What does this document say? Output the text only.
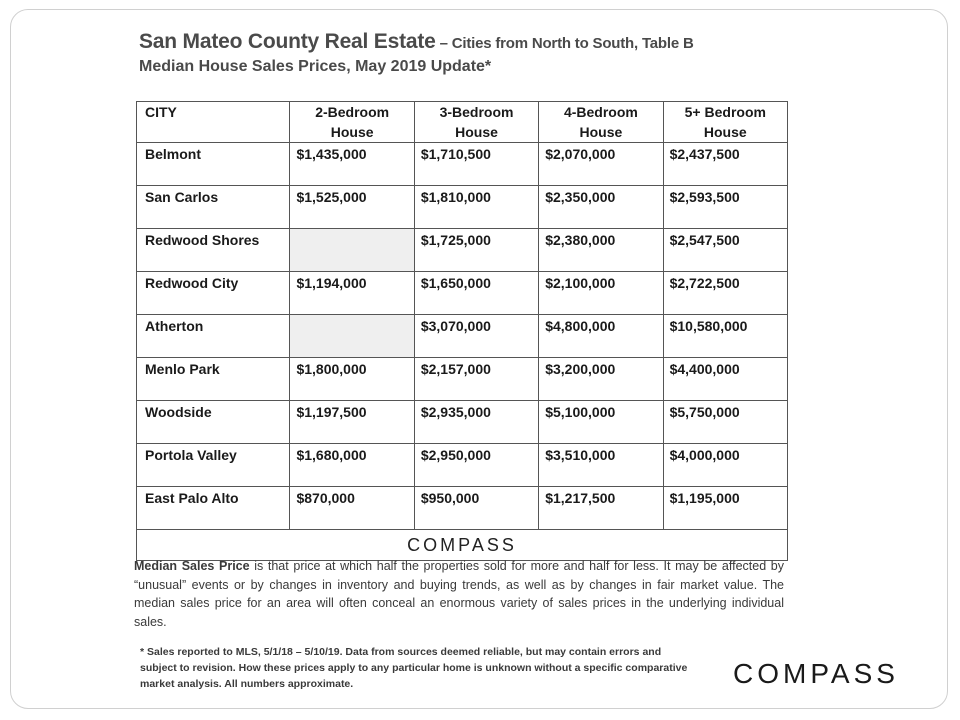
San Mateo County Real Estate – Cities from North to South, Table B
Median House Sales Prices, May 2019 Update*
CITY	2-Bedroom House	3-Bedroom House	4-Bedroom House	5+ Bedroom House
Belmont	$1,435,000	$1,710,500	$2,070,000	$2,437,500
San Carlos	$1,525,000	$1,810,000	$2,350,000	$2,593,500
Redwood Shores		$1,725,000	$2,380,000	$2,547,500
Redwood City	$1,194,000	$1,650,000	$2,100,000	$2,722,500
Atherton		$3,070,000	$4,800,000	$10,580,000
Menlo Park	$1,800,000	$2,157,000	$3,200,000	$4,400,000
Woodside	$1,197,500	$2,935,000	$5,100,000	$5,750,000
Portola Valley	$1,680,000	$2,950,000	$3,510,000	$4,000,000
East Palo Alto	$870,000	$950,000	$1,217,500	$1,195,000
COMPASS				
Median Sales Price is that price at which half the properties sold for more and half for less. It may be affected by “unusual” events or by changes in inventory and buying trends, as well as by changes in fair market value. The median sales price for an area will often conceal an enormous variety of sales prices in the underlying individual sales.
* Sales reported to MLS, 5/1/18 – 5/10/19. Data from sources deemed reliable, but may contain errors and subject to revision. How these prices apply to any particular home is unknown without a specific comparative market analysis. All numbers approximate.	COMPASS
